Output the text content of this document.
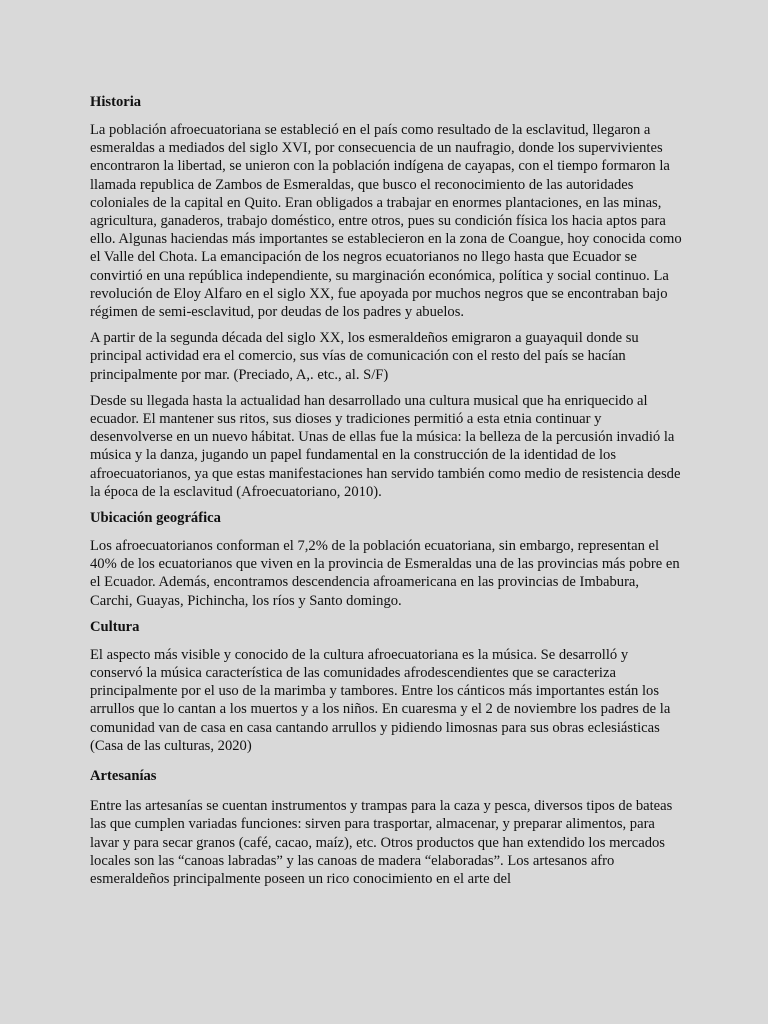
Historia

La población afroecuatoriana se estableció en el país como resultado de la esclavitud, llegaron a esmeraldas a mediados del siglo XVI, por consecuencia de un naufragio, donde los supervivientes encontraron la libertad, se unieron con la población indígena de cayapas, con el tiempo formaron la llamada republica de Zambos de Esmeraldas, que busco el reconocimiento de las autoridades coloniales de la capital en Quito. Eran obligados a trabajar en enormes plantaciones, en las minas, agricultura, ganaderos, trabajo doméstico, entre otros, pues su condición física los hacia aptos para ello. Algunas haciendas más importantes se establecieron en la zona de Coangue, hoy conocida como el Valle del Chota. La emancipación de los negros ecuatorianos no llego hasta que Ecuador se convirtió en una república independiente, su marginación económica, política y social continuo. La revolución de Eloy Alfaro en el siglo XX, fue apoyada por muchos negros que se encontraban bajo régimen de semi-esclavitud, por deudas de los padres y abuelos.

A partir de la segunda década del siglo XX, los esmeraldeños emigraron a guayaquil donde su principal actividad era el comercio, sus vías de comunicación con el resto del país se hacían principalmente por mar. (Preciado, A,. etc., al. S/F)

Desde su llegada hasta la actualidad han desarrollado una cultura musical que ha enriquecido al ecuador. El mantener sus ritos, sus dioses y tradiciones permitió a esta etnia continuar y desenvolverse en un nuevo hábitat. Unas de ellas fue la música: la belleza de la percusión invadió la música y la danza, jugando un papel fundamental en la construcción de la identidad de los afroecuatorianos, ya que estas manifestaciones han servido también como medio de resistencia desde la época de la esclavitud (Afroecuatoriano, 2010).

Ubicación geográfica

Los afroecuatorianos conforman el 7,2% de la población ecuatoriana, sin embargo, representan el 40% de los ecuatorianos que viven en la provincia de Esmeraldas una de las provincias más pobre en el Ecuador. Además, encontramos descendencia afroamericana en las provincias de Imbabura, Carchi, Guayas, Pichincha, los ríos y Santo domingo.

Cultura

El aspecto más visible y conocido de la cultura afroecuatoriana es la música. Se desarrolló y conservó la música característica de las comunidades afrodescendientes que se caracteriza principalmente por el uso de la marimba y tambores. Entre los cánticos más importantes están los arrullos que lo cantan a los muertos y a los niños. En cuaresma y el 2 de noviembre los padres de la comunidad van de casa en casa cantando arrullos y pidiendo limosnas para sus obras eclesiásticas (Casa de las culturas, 2020)

Artesanías

Entre las artesanías se cuentan instrumentos y trampas para la caza y pesca, diversos tipos de bateas las que cumplen variadas funciones: sirven para trasportar, almacenar, y preparar alimentos, para lavar y para secar granos (café, cacao, maíz), etc. Otros productos que han extendido los mercados locales son las “canoas labradas” y las canoas de madera “elaboradas”. Los artesanos afro esmeraldeños principalmente poseen un rico conocimiento en el arte del
